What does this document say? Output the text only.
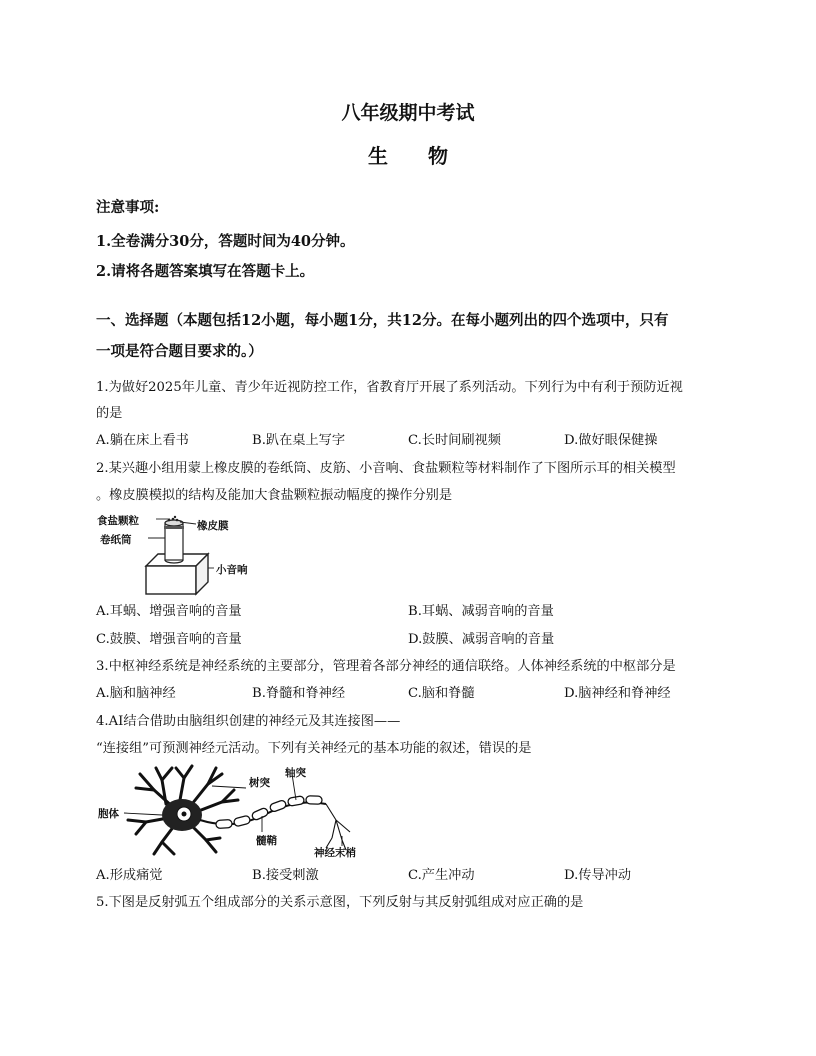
八年级期中考试
生　　物
注意事项:
1.全卷满分30分，答题时间为40分钟。
2.请将各题答案填写在答题卡上。
一、选择题（本题包括12小题，每小题1分，共12分。在每小题列出的四个选项中，只有
一项是符合题目要求的。）
1.为做好2025年儿童、青少年近视防控工作，省教育厅开展了系列活动。下列行为中有利于预防近视
的是
A.躺在床上看书	B.趴在桌上写字	C.长时间刷视频	D.做好眼保健操
2.某兴趣小组用蒙上橡皮膜的卷纸筒、皮筋、小音响、食盐颗粒等材料制作了下图所示耳的相关模型
。橡皮膜模拟的结构及能加大食盐颗粒振动幅度的操作分别是
食盐颗粒	橡皮膜
卷纸筒
小音响
A.耳蜗、增强音响的音量	B.耳蜗、减弱音响的音量
C.鼓膜、增强音响的音量	D.鼓膜、减弱音响的音量
3.中枢神经系统是神经系统的主要部分，管理着各部分神经的通信联络。人体神经系统的中枢部分是
A.脑和脑神经	B.脊髓和脊神经	C.脑和脊髓	D.脑神经和脊神经
4.AI结合借助由脑组织创建的神经元及其连接图——
“连接组”可预测神经元活动。下列有关神经元的基本功能的叙述，错误的是
树突
轴突
胞体
髓鞘
神经末梢
A.形成痛觉	B.接受刺激	C.产生冲动	D.传导冲动
5.下图是反射弧五个组成部分的关系示意图，下列反射与其反射弧组成对应正确的是
